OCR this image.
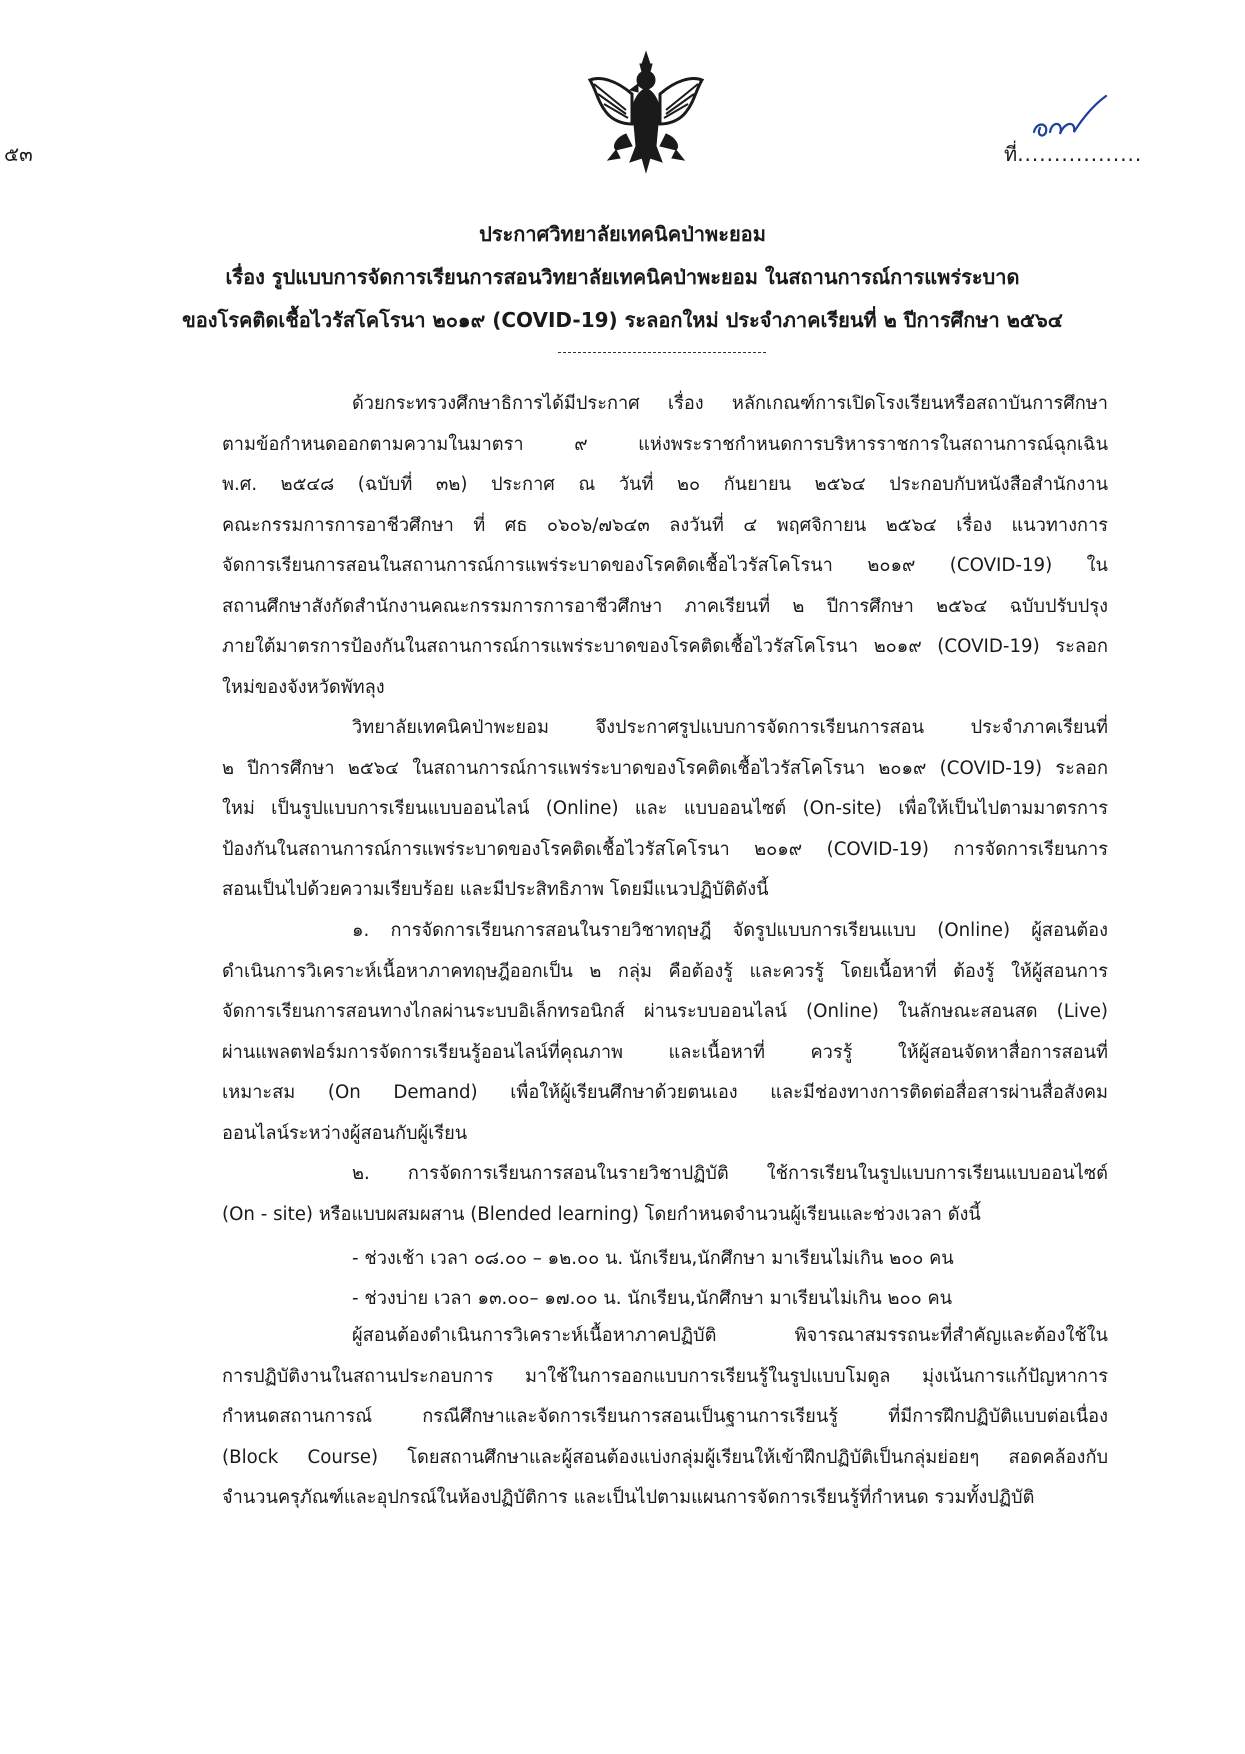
ที่.................
๕๓
ประกาศวิทยาลัยเทคนิคป่าพะยอม
เรื่อง รูปแบบการจัดการเรียนการสอนวิทยาลัยเทคนิคป่าพะยอม ในสถานการณ์การแพร่ระบาด
ของโรคติดเชื้อไวรัสโคโรนา ๒๐๑๙ (COVID-19) ระลอกใหม่ ประจำภาคเรียนที่ ๒ ปีการศึกษา ๒๕๖๔
ด้วยกระทรวงศึกษาธิการได้มีประกาศ เรื่อง หลักเกณฑ์การเปิดโรงเรียนหรือสถาบันการศึกษา
ตามข้อกำหนดออกตามความในมาตรา ๙ แห่งพระราชกำหนดการบริหารราชการในสถานการณ์ฉุกเฉิน
พ.ศ. ๒๕๔๘ (ฉบับที่ ๓๒) ประกาศ ณ วันที่ ๒๐ กันยายน ๒๕๖๔ ประกอบกับหนังสือสำนักงาน
คณะกรรมการการอาชีวศึกษา ที่ ศธ ๐๖๐๖/๗๖๔๓ ลงวันที่ ๔ พฤศจิกายน ๒๕๖๔ เรื่อง แนวทางการ
จัดการเรียนการสอนในสถานการณ์การแพร่ระบาดของโรคติดเชื้อไวรัสโคโรนา ๒๐๑๙ (COVID-19) ใน
สถานศึกษาสังกัดสำนักงานคณะกรรมการการอาชีวศึกษา ภาคเรียนที่ ๒ ปีการศึกษา ๒๕๖๔ ฉบับปรับปรุง
ภายใต้มาตรการป้องกันในสถานการณ์การแพร่ระบาดของโรคติดเชื้อไวรัสโคโรนา ๒๐๑๙ (COVID-19) ระลอก
ใหม่ของจังหวัดพัทลุง
วิทยาลัยเทคนิคป่าพะยอม จึงประกาศรูปแบบการจัดการเรียนการสอน ประจำภาคเรียนที่
๒ ปีการศึกษา ๒๕๖๔ ในสถานการณ์การแพร่ระบาดของโรคติดเชื้อไวรัสโคโรนา ๒๐๑๙ (COVID-19) ระลอก
ใหม่ เป็นรูปแบบการเรียนแบบออนไลน์ (Online) และ แบบออนไซต์ (On-site) เพื่อให้เป็นไปตามมาตรการ
ป้องกันในสถานการณ์การแพร่ระบาดของโรคติดเชื้อไวรัสโคโรนา ๒๐๑๙ (COVID-19) การจัดการเรียนการ
สอนเป็นไปด้วยความเรียบร้อย และมีประสิทธิภาพ โดยมีแนวปฏิบัติดังนี้
๑. การจัดการเรียนการสอนในรายวิชาทฤษฎี จัดรูปแบบการเรียนแบบ (Online) ผู้สอนต้อง
ดำเนินการวิเคราะห์เนื้อหาภาคทฤษฎีออกเป็น ๒ กลุ่ม คือต้องรู้ และควรรู้ โดยเนื้อหาที่ ต้องรู้ ให้ผู้สอนการ
จัดการเรียนการสอนทางไกลผ่านระบบอิเล็กทรอนิกส์ ผ่านระบบออนไลน์ (Online) ในลักษณะสอนสด (Live)
ผ่านแพลตฟอร์มการจัดการเรียนรู้ออนไลน์ที่คุณภาพ และเนื้อหาที่ ควรรู้ ให้ผู้สอนจัดหาสื่อการสอนที่
เหมาะสม (On Demand) เพื่อให้ผู้เรียนศึกษาด้วยตนเอง และมีช่องทางการติดต่อสื่อสารผ่านสื่อสังคม
ออนไลน์ระหว่างผู้สอนกับผู้เรียน
๒. การจัดการเรียนการสอนในรายวิชาปฏิบัติ ใช้การเรียนในรูปแบบการเรียนแบบออนไซต์
(On - site) หรือแบบผสมผสาน (Blended learning) โดยกำหนดจำนวนผู้เรียนและช่วงเวลา ดังนี้
- ช่วงเช้า เวลา ๐๘.๐๐ – ๑๒.๐๐ น. นักเรียน,นักศึกษา มาเรียนไม่เกิน ๒๐๐ คน
- ช่วงบ่าย เวลา ๑๓.๐๐– ๑๗.๐๐ น. นักเรียน,นักศึกษา มาเรียนไม่เกิน ๒๐๐ คน
ผู้สอนต้องดำเนินการวิเคราะห์เนื้อหาภาคปฏิบัติ พิจารณาสมรรถนะที่สำคัญและต้องใช้ใน
การปฏิบัติงานในสถานประกอบการ มาใช้ในการออกแบบการเรียนรู้ในรูปแบบโมดูล มุ่งเน้นการแก้ปัญหาการ
กำหนดสถานการณ์ กรณีศึกษาและจัดการเรียนการสอนเป็นฐานการเรียนรู้ ที่มีการฝึกปฏิบัติแบบต่อเนื่อง
(Block Course) โดยสถานศึกษาและผู้สอนต้องแบ่งกลุ่มผู้เรียนให้เข้าฝึกปฏิบัติเป็นกลุ่มย่อยๆ สอดคล้องกับ
จำนวนครุภัณฑ์และอุปกรณ์ในห้องปฏิบัติการ และเป็นไปตามแผนการจัดการเรียนรู้ที่กำหนด รวมทั้งปฏิบัติ
